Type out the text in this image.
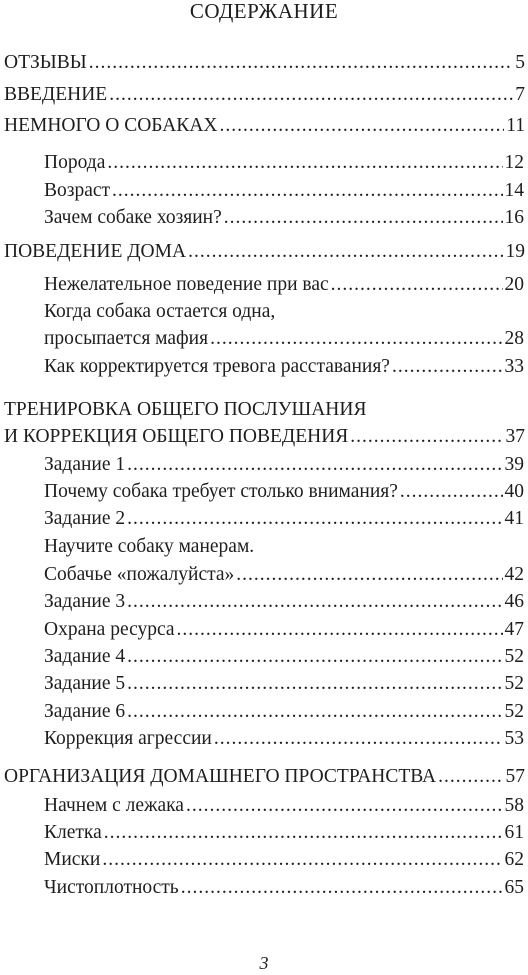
СОДЕРЖАНИЕ
ОТЗЫВЫ .....	5
ВВЕДЕНИЕ .....	7
НЕМНОГО О СОБАКАХ .....	11
Порода .....	12
Возраст .....	14
Зачем собаке хозяин? .....	16
ПОВЕДЕНИЕ ДОМА .....	19
Нежелательное поведение при вас .....	20
Когда собака остается одна,
просыпается мафия .....	28
Как корректируется тревога расставания? .....	33
ТРЕНИРОВКА ОБЩЕГО ПОСЛУШАНИЯ
И КОРРЕКЦИЯ ОБЩЕГО ПОВЕДЕНИЯ .....	37
Задание 1 .....	39
Почему собака требует столько внимания? .....	40
Задание 2 .....	41
Научите собаку манерам.
Собачье «пожалуйста» .....	42
Задание 3 .....	46
Охрана ресурса .....	47
Задание 4 .....	52
Задание 5 .....	52
Задание 6 .....	52
Коррекция агрессии .....	53
ОРГАНИЗАЦИЯ ДОМАШНЕГО ПРОСТРАНСТВА .....	57
Начнем с лежака .....	58
Клетка .....	61
Миски .....	62
Чистоплотность .....	65
3
